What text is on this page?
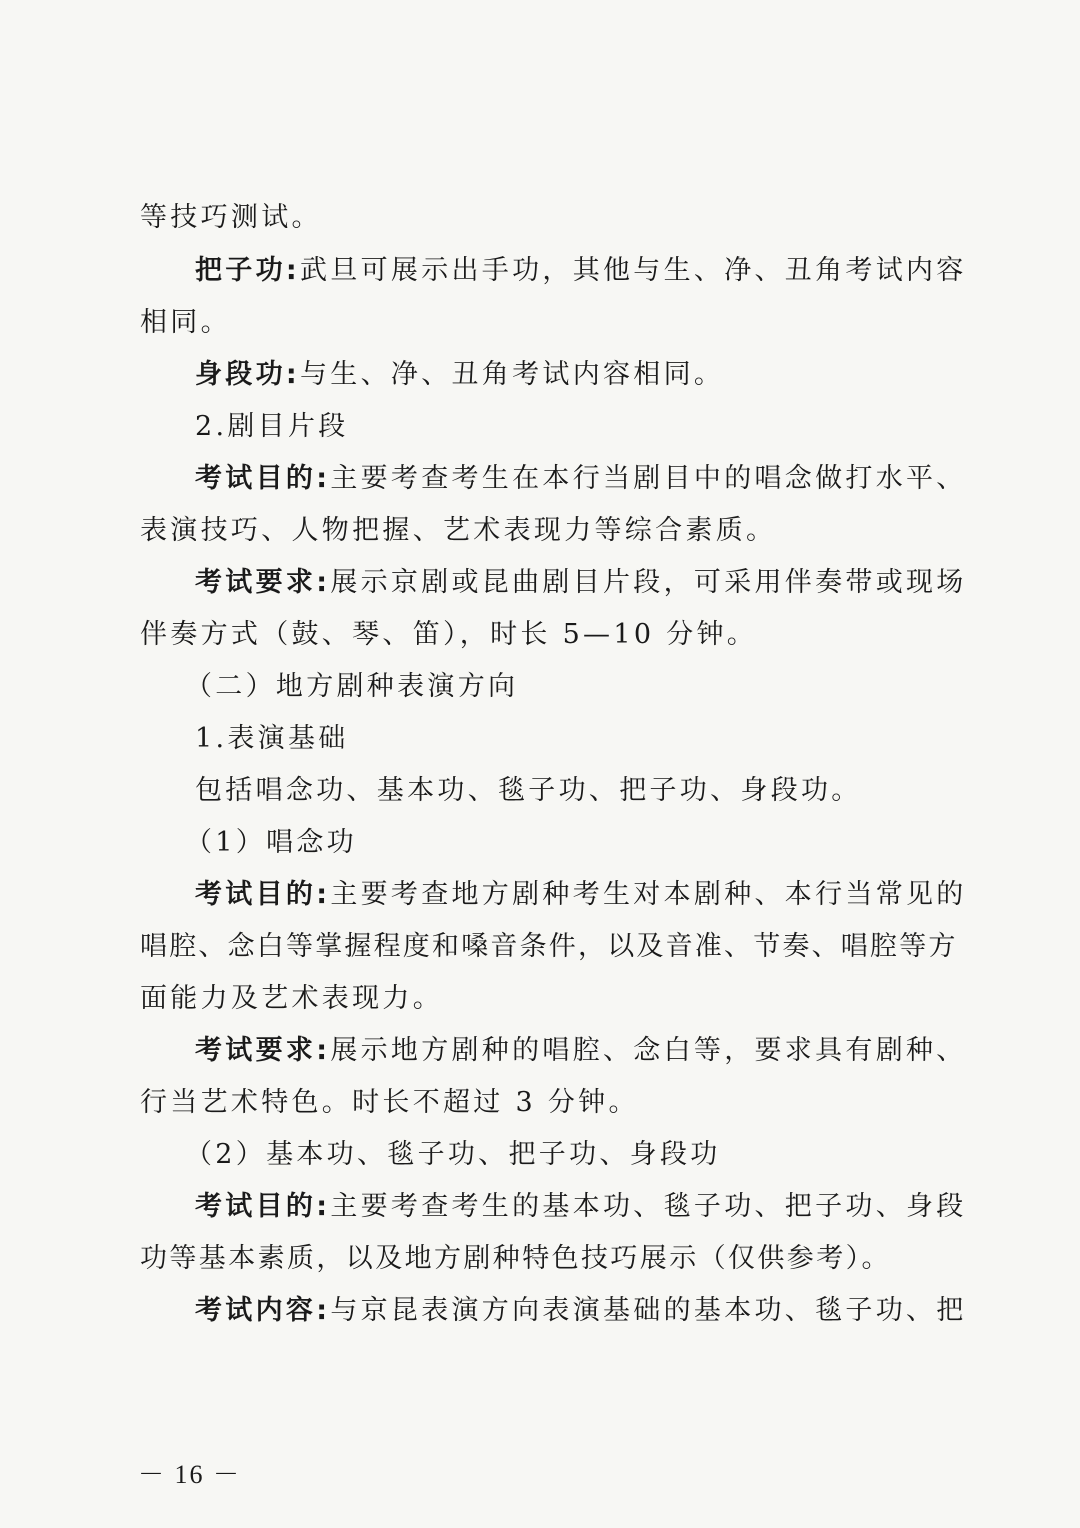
等技巧测试。
把子功:武旦可展示出手功，其他与生、净、丑角考试内容
相同。
身段功:与生、净、丑角考试内容相同。
2.剧目片段
考试目的:主要考查考生在本行当剧目中的唱念做打水平、
表演技巧、人物把握、艺术表现力等综合素质。
考试要求:展示京剧或昆曲剧目片段，可采用伴奏带或现场
伴奏方式（鼓、琴、笛），时长 5—10 分钟。
（二）地方剧种表演方向
1.表演基础
包括唱念功、基本功、毯子功、把子功、身段功。
（1）唱念功
考试目的:主要考查地方剧种考生对本剧种、本行当常见的
唱腔、念白等掌握程度和嗓音条件，以及音准、节奏、唱腔等方
面能力及艺术表现力。
考试要求:展示地方剧种的唱腔、念白等，要求具有剧种、
行当艺术特色。时长不超过 3 分钟。
（2）基本功、毯子功、把子功、身段功
考试目的:主要考查考生的基本功、毯子功、把子功、身段
功等基本素质，以及地方剧种特色技巧展示（仅供参考）。
考试内容:与京昆表演方向表演基础的基本功、毯子功、把
－ 16 －
